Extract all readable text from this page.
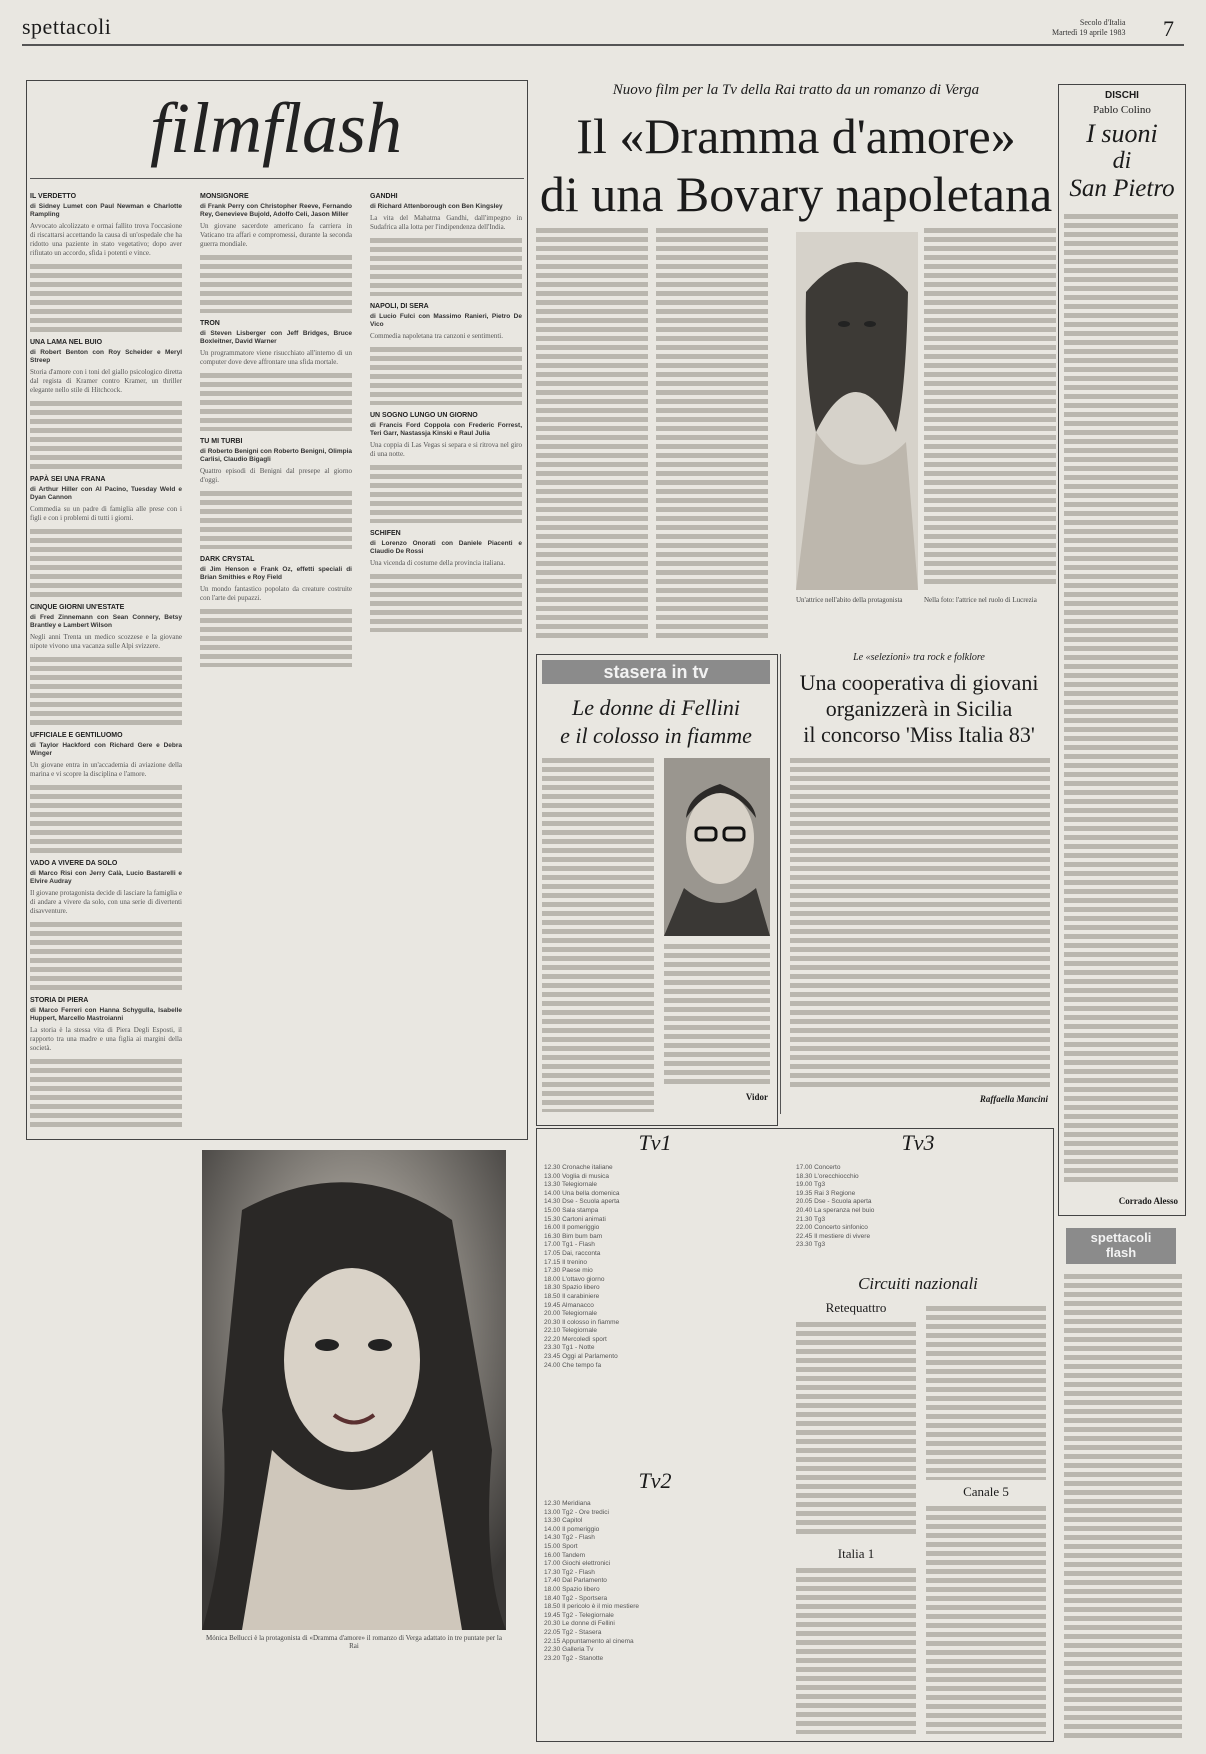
spettacoli	Secolo d'Italia
Martedì 19 aprile 1983 7
filmflash
IL VERDETTO
di Sidney Lumet con Paul Newman e Charlotte Rampling

Avvocato alcolizzato e ormai fallito trova l'occasione di riscattarsi accettando la causa di un'ospedale che ha ridotto una paziente in stato vegetativo; dopo aver rifiutato un accordo, sfida i potenti e vince.

UNA LAMA NEL BUIO
di Robert Benton con Roy Scheider e Meryl Streep

Storia d'amore con i toni del giallo psicologico diretta dal regista di Kramer contro Kramer, un thriller elegante nello stile di Hitchcock.

PAPÀ SEI UNA FRANA
di Arthur Hiller con Al Pacino, Tuesday Weld e Dyan Cannon

Commedia su un padre di famiglia alle prese con i figli e con i problemi di tutti i giorni.

CINQUE GIORNI UN'ESTATE
di Fred Zinnemann con Sean Connery, Betsy Brantley e Lambert Wilson

Negli anni Trenta un medico scozzese e la giovane nipote vivono una vacanza sulle Alpi svizzere.

UFFICIALE E GENTILUOMO
di Taylor Hackford con Richard Gere e Debra Winger

Un giovane entra in un'accademia di aviazione della marina e vi scopre la disciplina e l'amore.

VADO A VIVERE DA SOLO
di Marco Risi con Jerry Calà, Lucio Bastarelli e Elvire Audray

Il giovane protagonista decide di lasciare la famiglia e di andare a vivere da solo, con una serie di divertenti disavventure.

STORIA DI PIERA
di Marco Ferreri con Hanna Schygulla, Isabelle Huppert, Marcello Mastroianni

La storia è la stessa vita di Piera Degli Esposti, il rapporto tra una madre e una figlia ai margini della società.

MONSIGNORE
di Frank Perry con Christopher Reeve, Fernando Rey, Genevieve Bujold, Adolfo Celi, Jason Miller

Un giovane sacerdote americano fa carriera in Vaticano tra affari e compromessi, durante la seconda guerra mondiale.

TRON
di Steven Lisberger con Jeff Bridges, Bruce Boxleitner, David Warner

Un programmatore viene risucchiato all'interno di un computer dove deve affrontare una sfida mortale.

TU MI TURBI
di Roberto Benigni con Roberto Benigni, Olimpia Carlisi, Claudio Bigagli

Quattro episodi di Benigni dal presepe al giorno d'oggi.

DARK CRYSTAL
di Jim Henson e Frank Oz, effetti speciali di Brian Smithies e Roy Field

Un mondo fantastico popolato da creature costruite con l'arte dei pupazzi.

GANDHI
di Richard Attenborough con Ben Kingsley

La vita del Mahatma Gandhi, dall'impegno in Sudafrica alla lotta per l'indipendenza dell'India.

NAPOLI, DI SERA
di Lucio Fulci con Massimo Ranieri, Pietro De Vico

Commedia napoletana tra canzoni e sentimenti.

UN SOGNO LUNGO UN GIORNO
di Francis Ford Coppola con Frederic Forrest, Teri Garr, Nastassja Kinski e Raul Julia

Una coppia di Las Vegas si separa e si ritrova nel giro di una notte.

SCHIFEN
di Lorenzo Onorati con Daniele Piacenti e Claudio De Rossi

Una vicenda di costume della provincia italiana.

Mónica Bellucci è la protagonista di «Dramma d'amore» il romanzo di Verga adattato in tre puntate per la Rai
Nuovo film per la Tv della Rai tratto da un romanzo di Verga
Il «Dramma d'amore»
di una Bovary napoletana
Un'attrice nell'abito della protagonista	Nella foto: l'attrice nel ruolo di Lucrezia
DISCHI
Pablo Colino
I suoni
di
San Pietro
Corrado Alesso
spettacoli
flash
stasera in tv
Le donne di Fellini
e il colosso in fiamme
Vidor
Le «selezioni» tra rock e folklore
Una cooperativa di giovani
organizzerà in Sicilia
il concorso 'Miss Italia 83'
Raffaella Mancini
Tv1
12.30 Cronache italiane
13.00 Voglia di musica
13.30 Telegiornale
14.00 Una bella domenica
14.30 Dse - Scuola aperta
15.00 Sala stampa
15.30 Cartoni animati
16.00 Il pomeriggio
16.30 Bim bum bam
17.00 Tg1 - Flash
17.05 Dai, racconta
17.15 Il trenino
17.30 Paese mio
18.00 L'ottavo giorno
18.30 Spazio libero
18.50 Il carabiniere
19.45 Almanacco
20.00 Telegiornale
20.30 Il colosso in fiamme
22.10 Telegiornale
22.20 Mercoledì sport
23.30 Tg1 - Notte
23.45 Oggi al Parlamento
24.00 Che tempo fa
Tv2
12.30 Meridiana
13.00 Tg2 - Ore tredici
13.30 Capitol
14.00 Il pomeriggio
14.30 Tg2 - Flash
15.00 Sport
16.00 Tandem
17.00 Giochi elettronici
17.30 Tg2 - Flash
17.40 Dal Parlamento
18.00 Spazio libero
18.40 Tg2 - Sportsera
18.50 Il pericolo è il mio mestiere
19.45 Tg2 - Telegiornale
20.30 Le donne di Fellini
22.05 Tg2 - Stasera
22.15 Appuntamento al cinema
22.30 Galleria Tv
23.20 Tg2 - Stanotte
Tv3
17.00 Concerto
18.30 L'orecchiocchio
19.00 Tg3
19.35 Rai 3 Regione
20.05 Dse - Scuola aperta
20.40 La speranza nel buio
21.30 Tg3
22.00 Concerto sinfonico
22.45 Il mestiere di vivere
23.30 Tg3
Circuiti nazionali
Retequattro
Italia 1
Canale 5
